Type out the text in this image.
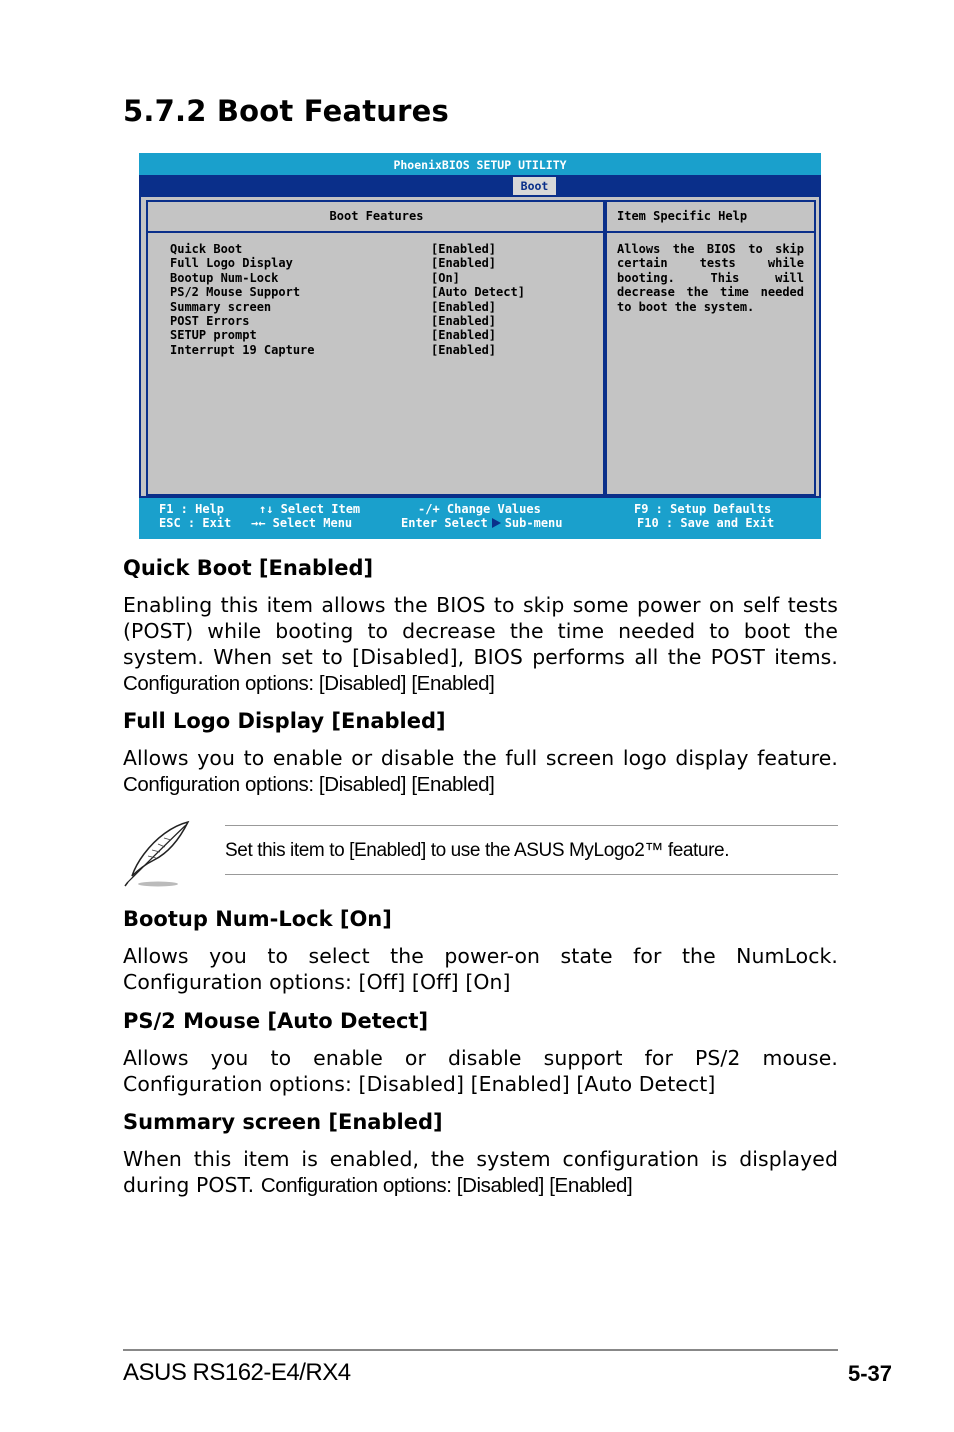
5.7.2 Boot Features
PhoenixBIOS SETUP UTILITY
Boot
Boot Features
Quick Boot	[Enabled]
Full Logo Display	[Enabled]
Bootup Num-Lock	[On]
PS/2 Mouse Support	[Auto Detect]
Summary screen	[Enabled]
POST Errors	[Enabled]
SETUP prompt	[Enabled]
Interrupt 19 Capture	[Enabled]
Item Specific Help
Allows the BIOS to skip certain tests while booting. This will decrease the time needed to boot the system.
F1 : Help
ESC : Exit
↑↓ Select Item
→← Select Menu
-/+ Change Values
Enter Select Sub-menu
F9 : Setup Defaults
F10 : Save and Exit
Quick Boot [Enabled]
Enabling this item allows the BIOS to skip some power on self tests (POST) while booting to decrease the time needed to boot the system. When set to [Disabled], BIOS performs all the POST items. Configuration options: [Disabled] [Enabled]
Full Logo Display [Enabled]
Allows you to enable or disable the full screen logo display feature. Configuration options: [Disabled] [Enabled]
Set this item to [Enabled] to use the ASUS MyLogo2™ feature.
Bootup Num-Lock [On]
Allows you to select the power-on state for the NumLock. Configuration options: [Off] [Off] [On]
PS/2 Mouse [Auto Detect]
Allows you to enable or disable support for PS/2 mouse. Configuration options: [Disabled] [Enabled] [Auto Detect]
Summary screen [Enabled]
When this item is enabled, the system configuration is displayed during POST. Configuration options: [Disabled] [Enabled]
ASUS RS162-E4/RX4	5-37
